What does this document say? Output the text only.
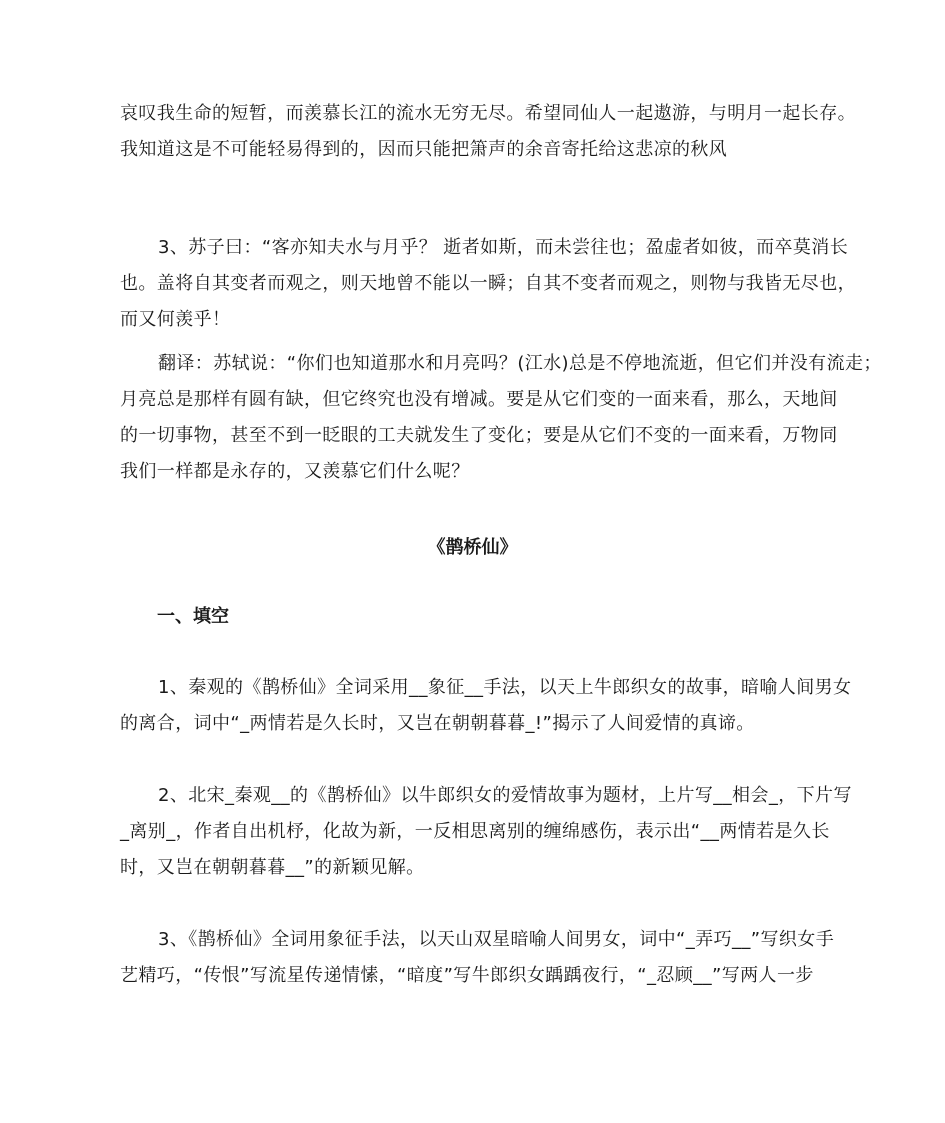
哀叹我生命的短暂，而羡慕长江的流水无穷无尽。希望同仙人一起遨游，与明月一起长存。
我知道这是不可能轻易得到的，因而只能把箫声的余音寄托给这悲凉的秋风

3、苏子曰：“客亦知夫水与月乎？ 逝者如斯，而未尝往也；盈虚者如彼，而卒莫消长
也。盖将自其变者而观之，则天地曾不能以一瞬；自其不变者而观之，则物与我皆无尽也，
而又何羡乎！

翻译：苏轼说：“你们也知道那水和月亮吗？(江水)总是不停地流逝，但它们并没有流走；
月亮总是那样有圆有缺，但它终究也没有增减。要是从它们变的一面来看，那么，天地间
的一切事物，甚至不到一眨眼的工夫就发生了变化；要是从它们不变的一面来看，万物同
我们一样都是永存的，又羡慕它们什么呢？

《鹊桥仙》
一、填空

1、秦观的《鹊桥仙》全词采用__象征__手法，以天上牛郎织女的故事，暗喻人间男女
的离合，词中“_两情若是久长时，又岂在朝朝暮暮_!”揭示了人间爱情的真谛。

2、北宋_秦观__的《鹊桥仙》以牛郎织女的爱情故事为题材，上片写__相会_，下片写
_离别_，作者自出机杼，化故为新，一反相思离别的缠绵感伤，表示出“__两情若是久长
时，又岂在朝朝暮暮__”的新颖见解。

3、《鹊桥仙》全词用象征手法，以天山双星暗喻人间男女，词中“_弄巧__”写织女手
艺精巧，“传恨”写流星传递情愫，“暗度”写牛郎织女踽踽夜行，“_忍顾__”写两人一步
